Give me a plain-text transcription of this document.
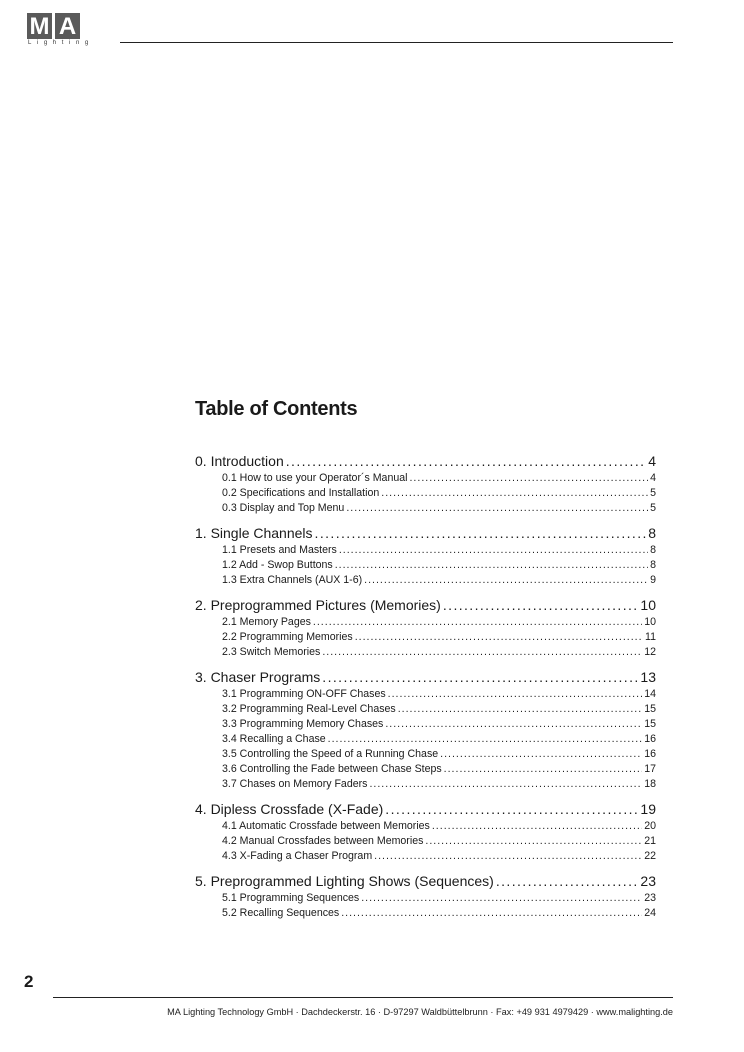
M A
Lighting
Table of Contents
0. Introduction .....	4
0.1 How to use your Operator´s Manual .....	4
0.2 Specifications and Installation .....	5
0.3 Display and Top Menu .....	5
1. Single Channels .....	8
1.1 Presets and Masters .....	8
1.2 Add - Swop Buttons .....	8
1.3 Extra Channels (AUX 1-6) .....	9
2. Preprogrammed Pictures (Memories) .....	10
2.1 Memory Pages .....	10
2.2 Programming Memories .....	11
2.3 Switch Memories .....	12
3. Chaser Programs .....	13
3.1 Programming ON-OFF Chases .....	14
3.2 Programming Real-Level Chases .....	15
3.3 Programming Memory Chases .....	15
3.4 Recalling a Chase .....	16
3.5 Controlling the Speed of a Running Chase .....	16
3.6 Controlling the Fade between Chase Steps .....	17
3.7 Chases on Memory Faders .....	18
4. Dipless Crossfade (X-Fade) .....	19
4.1 Automatic Crossfade between Memories .....	20
4.2 Manual Crossfades between Memories .....	21
4.3 X-Fading a Chaser Program .....	22
5. Preprogrammed Lighting Shows (Sequences) .....	23
5.1 Programming Sequences .....	23
5.2 Recalling Sequences .....	24
2
MA Lighting Technology GmbH · Dachdeckerstr. 16 · D-97297 Waldbüttelbrunn · Fax: +49 931 4979429 · www.malighting.de
